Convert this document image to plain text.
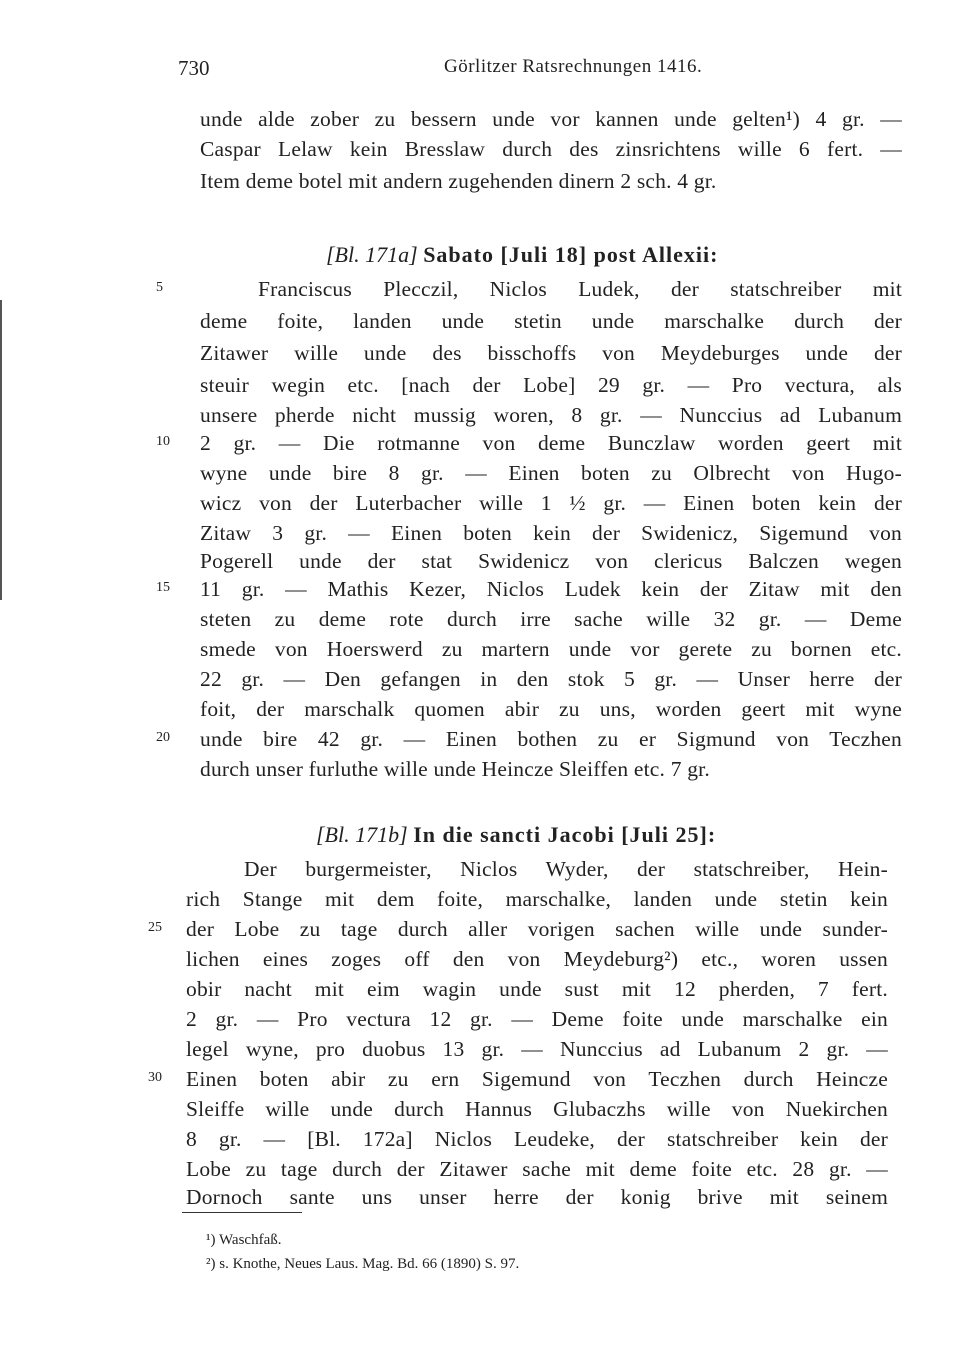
730	Görlitzer Ratsrechnungen 1416.
unde alde zober zu bessern unde vor kannen unde gelten¹) 4 gr. —
Caspar Lelaw kein Bresslaw durch des zinsrichtens wille 6 fert. —
Item deme botel mit andern zugehenden dinern 2 sch. 4 gr.
[Bl. 171a] Sabato [Juli 18] post Allexii:
Franciscus Plecczil, Niclos Ludek, der statschreiber mit
deme foite, landen unde stetin unde marschalke durch der
Zitawer wille unde des bisschoffs von Meydeburges unde der
steuir wegin etc. [nach der Lobe] 29 gr. — Pro vectura, als
unsere pherde nicht mussig woren, 8 gr. — Nunccius ad Lubanum
2 gr. — Die rotmanne von deme Bunczlaw worden geert mit
wyne unde bire 8 gr. — Einen boten zu Olbrecht von Hugo-
wicz von der Luterbacher wille 1 ½ gr. — Einen boten kein der
Zitaw 3 gr. — Einen boten kein der Swidenicz, Sigemund von
Pogerell unde der stat Swidenicz von clericus Balczen wegen
11 gr. — Mathis Kezer, Niclos Ludek kein der Zitaw mit den
steten zu deme rote durch irre sache wille 32 gr. — Deme
smede von Hoerswerd zu martern unde vor gerete zu bornen etc.
22 gr. — Den gefangen in den stok 5 gr. — Unser herre der
foit, der marschalk quomen abir zu uns, worden geert mit wyne
unde bire 42 gr. — Einen bothen zu er Sigmund von Teczhen
durch unser furluthe wille unde Heincze Sleiffen etc. 7 gr.
[Bl. 171b] In die sancti Jacobi [Juli 25]:
Der burgermeister, Niclos Wyder, der statschreiber, Hein-
rich Stange mit dem foite, marschalke, landen unde stetin kein
der Lobe zu tage durch aller vorigen sachen wille unde sunder-
lichen eines zoges off den von Meydeburg²) etc., woren ussen
obir nacht mit eim wagin unde sust mit 12 pherden, 7 fert.
2 gr. — Pro vectura 12 gr. — Deme foite unde marschalke ein
legel wyne, pro duobus 13 gr. — Nunccius ad Lubanum 2 gr. —
Einen boten abir zu ern Sigemund von Teczhen durch Heincze
Sleiffe wille unde durch Hannus Glubaczhs wille von Nuekirchen
8 gr. — [Bl. 172a] Niclos Leudeke, der statschreiber kein der
Lobe zu tage durch der Zitawer sache mit deme foite etc. 28 gr. —
Dornoch sante uns unser herre der konig brive mit seinem
5
10
15
20
25
30
¹) Waschfaß.
²) s. Knothe, Neues Laus. Mag. Bd. 66 (1890) S. 97.
